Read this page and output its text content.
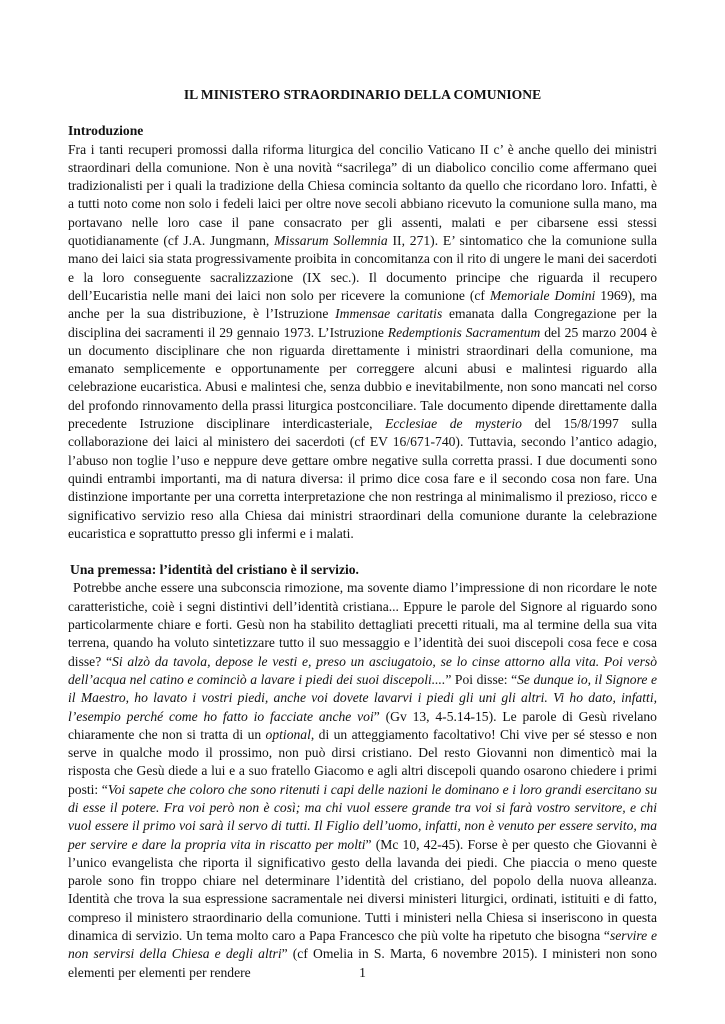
IL MINISTERO STRAORDINARIO DELLA COMUNIONE

Introduzione

Fra i tanti recuperi promossi dalla riforma liturgica del concilio Vaticano II c’ è anche quello dei ministri straordinari della comunione. Non è una novità “sacrilega” di un diabolico concilio come affermano quei tradizionalisti per i quali la tradizione della Chiesa comincia soltanto da quello che ricordano loro. Infatti, è a tutti noto come non solo i fedeli laici per oltre nove secoli abbiano ricevuto la comunione sulla mano, ma portavano nelle loro case il pane consacrato per gli assenti, malati e per cibarsene essi stessi quotidianamente (cf J.A. Jungmann, Missarum Sollemnia II, 271). E’ sintomatico che la comunione sulla mano dei laici sia stata progressivamente proibita in concomitanza con il rito di ungere le mani dei sacerdoti e la loro conseguente sacralizzazione (IX sec.). Il documento principe che riguarda il recupero dell’Eucaristia nelle mani dei laici non solo per ricevere la comunione (cf Memoriale Domini 1969), ma anche per la sua distribuzione, è l’Istruzione Immensae caritatis emanata dalla Congregazione per la disciplina dei sacramenti il 29 gennaio 1973. L’Istruzione Redemptionis Sacramentum del 25 marzo 2004 è un documento disciplinare che non riguarda direttamente i ministri straordinari della comunione, ma emanato semplicemente e opportunamente per correggere alcuni abusi e malintesi riguardo alla celebrazione eucaristica. Abusi e malintesi che, senza dubbio e inevitabilmente, non sono mancati nel corso del profondo rinnovamento della prassi liturgica postconciliare. Tale documento dipende direttamente dalla precedente Istruzione disciplinare interdicasteriale, Ecclesiae de mysterio del 15/8/1997 sulla collaborazione dei laici al ministero dei sacerdoti (cf EV 16/671-740). Tuttavia, secondo l’antico adagio, l’abuso non toglie l’uso e neppure deve gettare ombre negative sulla corretta prassi. I due documenti sono quindi entrambi importanti, ma di natura diversa: il primo dice cosa fare e il secondo cosa non fare. Una distinzione importante per una corretta interpretazione che non restringa al minimalismo il prezioso, ricco e significativo servizio reso alla Chiesa dai ministri straordinari della comunione durante la celebrazione eucaristica e soprattutto presso gli infermi e i malati.

Una premessa: l’identità del cristiano è il servizio.

Potrebbe anche essere una subconscia rimozione, ma sovente diamo l’impressione di non ricordare le note caratteristiche, coiè i segni distintivi dell’identità cristiana... Eppure le parole del Signore al riguardo sono particolarmente chiare e forti. Gesù non ha stabilito dettagliati precetti rituali, ma al termine della sua vita terrena, quando ha voluto sintetizzare tutto il suo messaggio e l’identità dei suoi discepoli cosa fece e cosa disse? “Si alzò da tavola, depose le vesti e, preso un asciugatoio, se lo cinse attorno alla vita. Poi versò dell’acqua nel catino e cominciò a lavare i piedi dei suoi discepoli....” Poi disse: “Se dunque io, il Signore e il Maestro, ho lavato i vostri piedi, anche voi dovete lavarvi i piedi gli uni gli altri. Vi ho dato, infatti, l’esempio perché come ho fatto io facciate anche voi” (Gv 13, 4-5.14-15). Le parole di Gesù rivelano chiaramente che non si tratta di un optional, di un atteggiamento facoltativo! Chi vive per sé stesso e non serve in qualche modo il prossimo, non può dirsi cristiano. Del resto Giovanni non dimenticò mai la risposta che Gesù diede a lui e a suo fratello Giacomo e agli altri discepoli quando osarono chiedere i primi posti: “Voi sapete che coloro che sono ritenuti i capi delle nazioni le dominano e i loro grandi esercitano su di esse il potere. Fra voi però non è così; ma chi vuol essere grande tra voi si farà vostro servitore, e chi vuol essere il primo voi sarà il servo di tutti. Il Figlio dell’uomo, infatti, non è venuto per essere servito, ma per servire e dare la propria vita in riscatto per molti” (Mc 10, 42-45). Forse è per questo che Giovanni è l’unico evangelista che riporta il significativo gesto della lavanda dei piedi. Che piaccia o meno queste parole sono fin troppo chiare nel determinare l’identità del cristiano, del popolo della nuova alleanza. Identità che trova la sua espressione sacramentale nei diversi ministeri liturgici, ordinati, istituiti e di fatto, compreso il ministero straordinario della comunione. Tutti i ministeri nella Chiesa si inseriscono in questa dinamica di servizio. Un tema molto caro a Papa Francesco che più volte ha ripetuto che bisogna “servire e non servirsi della Chiesa e degli altri” (cf Omelia in S. Marta, 6 novembre 2015). I ministeri non sono elementi per elementi per rendere	1
